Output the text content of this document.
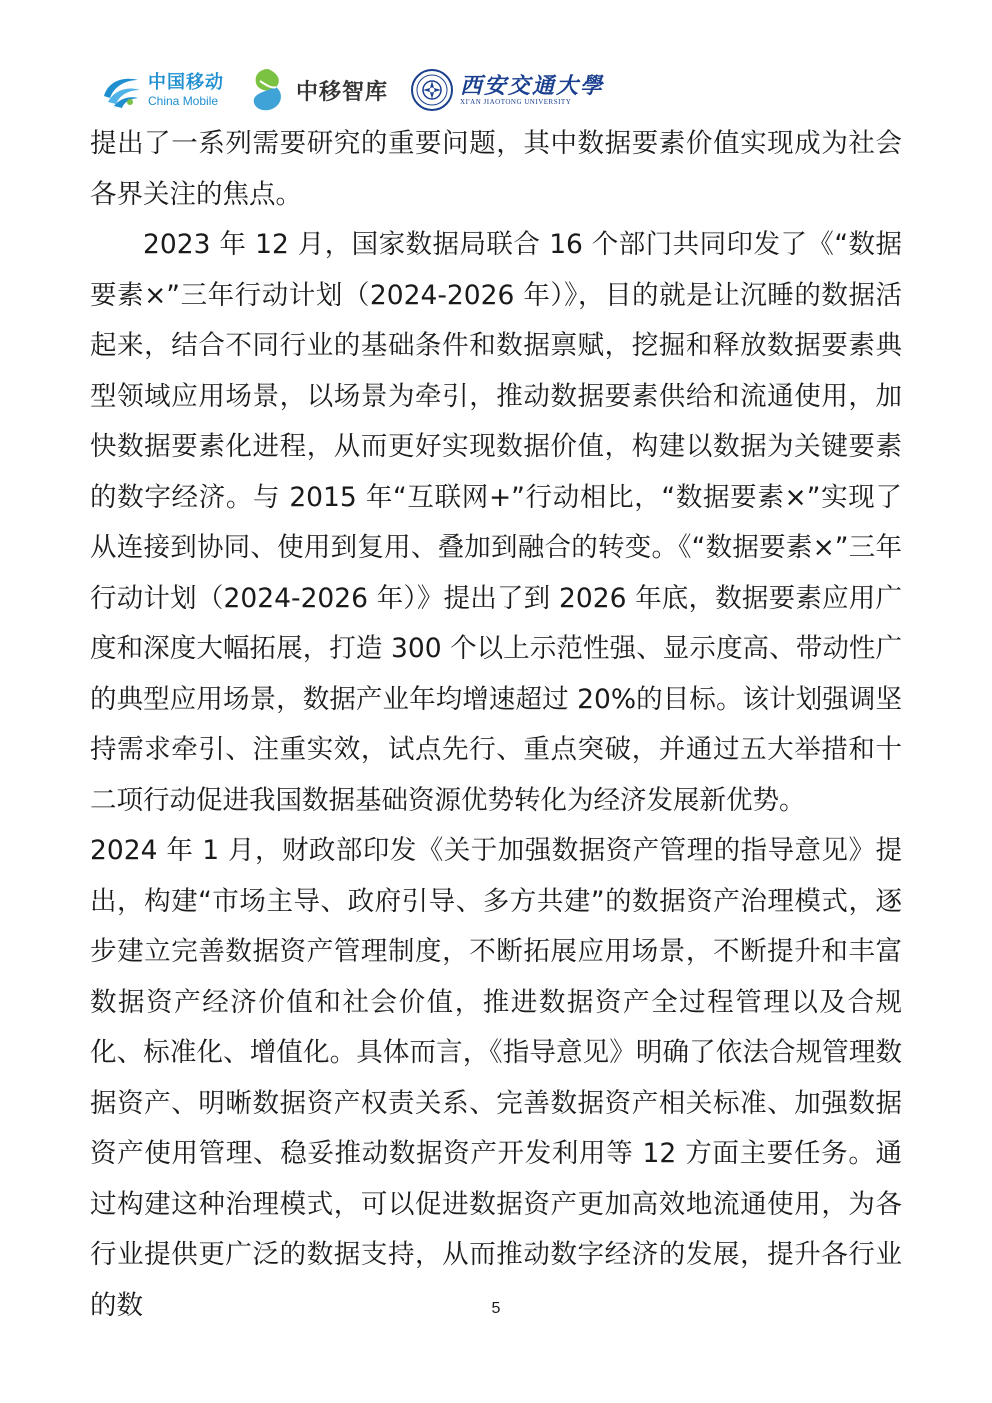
中国移动
China Mobile	中移智库	西安交通大學
XI'AN JIAOTONG UNIVERSITY

提出了一系列需要研究的重要问题，其中数据要素价值实现成为社会各界关注的焦点。

2023 年 12 月，国家数据局联合 16 个部门共同印发了《“数据要素×”三年行动计划（2024-2026 年）》，目的就是让沉睡的数据活起来，结合不同行业的基础条件和数据禀赋，挖掘和释放数据要素典型领域应用场景，以场景为牵引，推动数据要素供给和流通使用，加快数据要素化进程，从而更好实现数据价值，构建以数据为关键要素的数字经济。与 2015 年“互联网+”行动相比，“数据要素×”实现了从连接到协同、使用到复用、叠加到融合的转变。《“数据要素×”三年行动计划（2024-2026 年）》提出了到 2026 年底，数据要素应用广度和深度大幅拓展，打造 300 个以上示范性强、显示度高、带动性广的典型应用场景，数据产业年均增速超过 20%的目标。该计划强调坚持需求牵引、注重实效，试点先行、重点突破，并通过五大举措和十二项行动促进我国数据基础资源优势转化为经济发展新优势。

2024 年 1 月，财政部印发《关于加强数据资产管理的指导意见》提出，构建“市场主导、政府引导、多方共建”的数据资产治理模式，逐步建立完善数据资产管理制度，不断拓展应用场景，不断提升和丰富数据资产经济价值和社会价值，推进数据资产全过程管理以及合规化、标准化、增值化。具体而言，《指导意见》明确了依法合规管理数据资产、明晰数据资产权责关系、完善数据资产相关标准、加强数据资产使用管理、稳妥推动数据资产开发利用等 12 方面主要任务。通过构建这种治理模式，可以促进数据资产更加高效地流通使用，为各行业提供更广泛的数据支持，从而推动数字经济的发展，提升各行业的数	5
